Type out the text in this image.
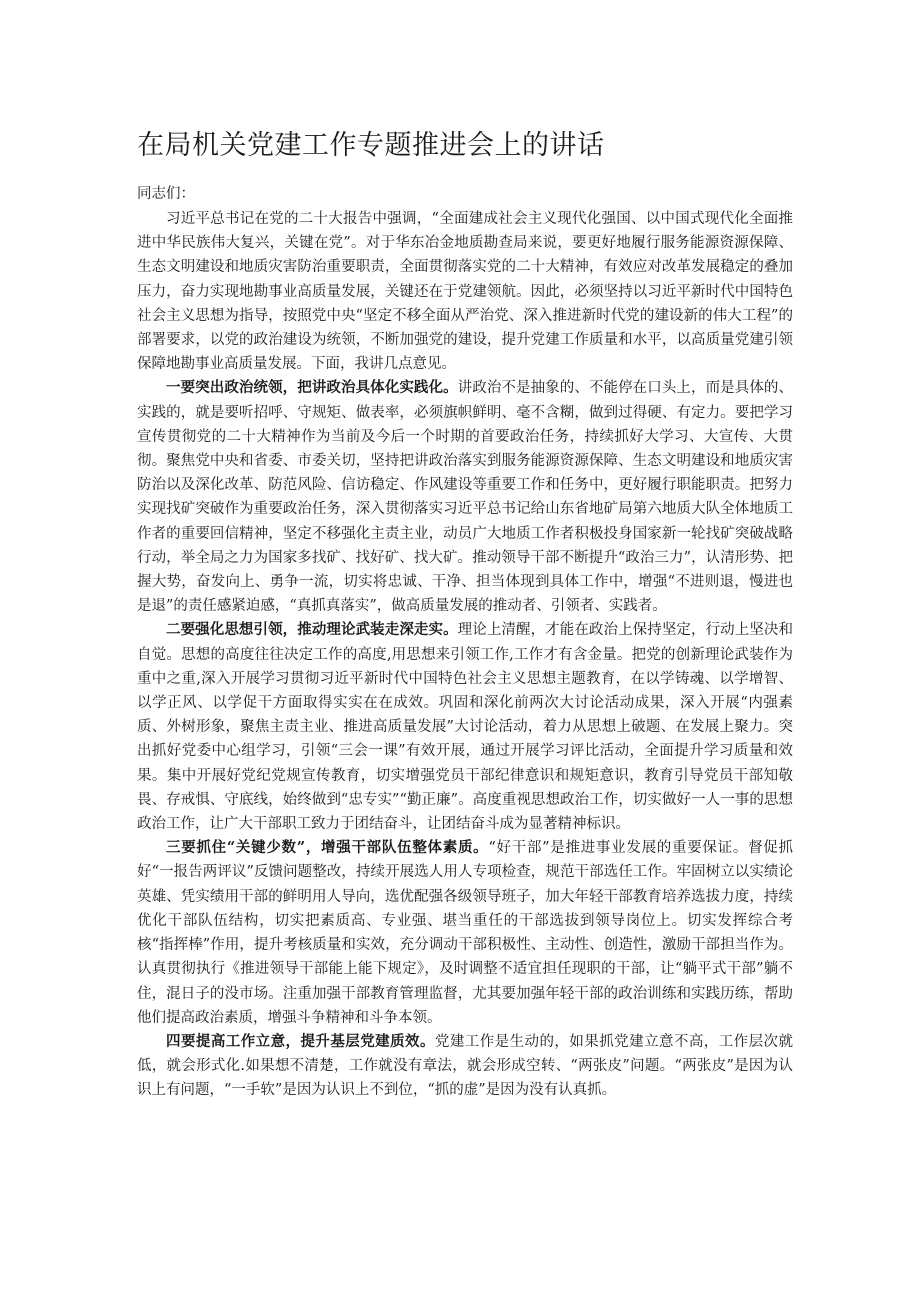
在局机关党建工作专题推进会上的讲话

同志们：

习近平总书记在党的二十大报告中强调，“全面建成社会主义现代化强国、以中国式现代化全面推进中华民族伟大复兴，关键在党”。对于华东冶金地质勘查局来说，要更好地履行服务能源资源保障、生态文明建设和地质灾害防治重要职责，全面贯彻落实党的二十大精神，有效应对改革发展稳定的叠加压力，奋力实现地勘事业高质量发展，关键还在于党建领航。因此，必须坚持以习近平新时代中国特色社会主义思想为指导，按照党中央“坚定不移全面从严治党、深入推进新时代党的建设新的伟大工程”的部署要求，以党的政治建设为统领，不断加强党的建设，提升党建工作质量和水平，以高质量党建引领保障地勘事业高质量发展。下面，我讲几点意见。

一要突出政治统领，把讲政治具体化实践化。讲政治不是抽象的、不能停在口头上，而是具体的、实践的，就是要听招呼、守规矩、做表率，必须旗帜鲜明、毫不含糊，做到过得硬、有定力。要把学习宣传贯彻党的二十大精神作为当前及今后一个时期的首要政治任务，持续抓好大学习、大宣传、大贯彻。聚焦党中央和省委、市委关切，坚持把讲政治落实到服务能源资源保障、生态文明建设和地质灾害防治以及深化改革、防范风险、信访稳定、作风建设等重要工作和任务中，更好履行职能职责。把努力实现找矿突破作为重要政治任务，深入贯彻落实习近平总书记给山东省地矿局第六地质大队全体地质工作者的重要回信精神，坚定不移强化主责主业，动员广大地质工作者积极投身国家新一轮找矿突破战略行动，举全局之力为国家多找矿、找好矿、找大矿。推动领导干部不断提升“政治三力”，认清形势、把握大势，奋发向上、勇争一流，切实将忠诚、干净、担当体现到具体工作中，增强“不进则退，慢进也是退”的责任感紧迫感，“真抓真落实”，做高质量发展的推动者、引领者、实践者。

二要强化思想引领，推动理论武装走深走实。理论上清醒，才能在政治上保持坚定，行动上坚决和自觉。思想的高度往往决定工作的高度,用思想来引领工作,工作才有含金量。把党的创新理论武装作为重中之重,深入开展学习贯彻习近平新时代中国特色社会主义思想主题教育，在以学铸魂、以学增智、以学正风、以学促干方面取得实实在在成效。巩固和深化前两次大讨论活动成果，深入开展“内强素质、外树形象，聚焦主责主业、推进高质量发展”大讨论活动，着力从思想上破题、在发展上聚力。突出抓好党委中心组学习，引领“三会一课”有效开展，通过开展学习评比活动，全面提升学习质量和效果。集中开展好党纪党规宣传教育，切实增强党员干部纪律意识和规矩意识，教育引导党员干部知敬畏、存戒惧、守底线，始终做到“忠专实”“勤正廉”。高度重视思想政治工作，切实做好一人一事的思想政治工作，让广大干部职工致力于团结奋斗，让团结奋斗成为显著精神标识。

三要抓住“关键少数”，增强干部队伍整体素质。“好干部”是推进事业发展的重要保证。督促抓好“一报告两评议”反馈问题整改，持续开展选人用人专项检查，规范干部选任工作。牢固树立以实绩论英雄、凭实绩用干部的鲜明用人导向，选优配强各级领导班子，加大年轻干部教育培养选拔力度，持续优化干部队伍结构，切实把素质高、专业强、堪当重任的干部选拔到领导岗位上。切实发挥综合考核“指挥棒”作用，提升考核质量和实效，充分调动干部积极性、主动性、创造性，激励干部担当作为。认真贯彻执行《推进领导干部能上能下规定》，及时调整不适宜担任现职的干部，让“躺平式干部”躺不住，混日子的没市场。注重加强干部教育管理监督，尤其要加强年轻干部的政治训练和实践历练，帮助他们提高政治素质，增强斗争精神和斗争本领。

四要提高工作立意，提升基层党建质效。党建工作是生动的，如果抓党建立意不高，工作层次就低，就会形式化.如果想不清楚，工作就没有章法，就会形成空转、“两张皮”问题。“两张皮”是因为认识上有问题，“一手软”是因为认识上不到位，“抓的虚”是因为没有认真抓。
